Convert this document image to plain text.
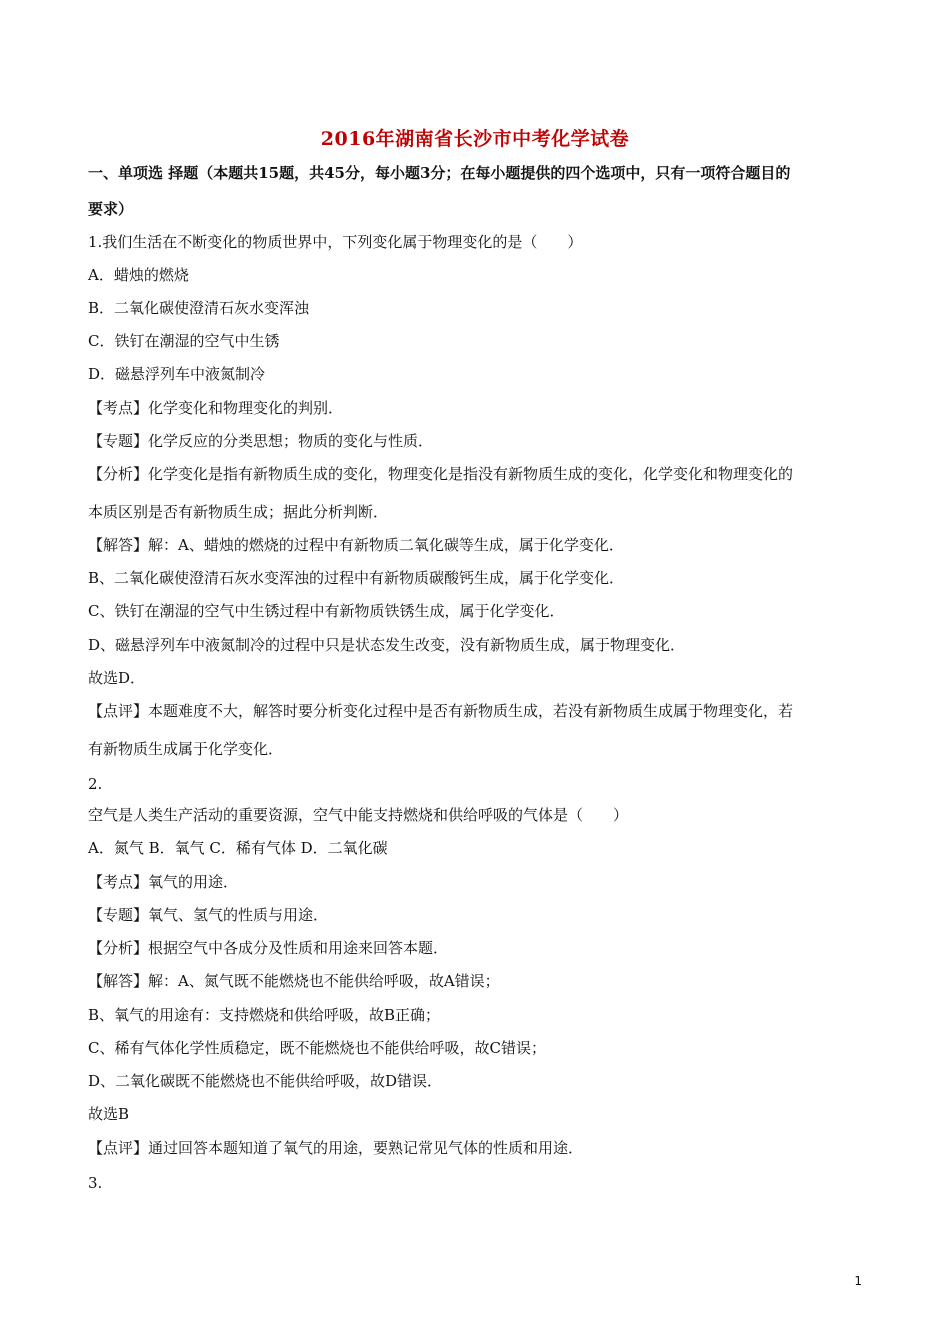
2016年湖南省长沙市中考化学试卷
一、单项选 择题（本题共15题，共45分，每小题3分；在每小题提供的四个选项中，只有一项符合题目的
要求）
1.我们生活在不断变化的物质世界中，下列变化属于物理变化的是（　　）
A．蜡烛的燃烧
B．二氧化碳使澄清石灰水变浑浊
C．铁钉在潮湿的空气中生锈
D．磁悬浮列车中液氮制冷
【考点】化学变化和物理变化的判别．
【专题】化学反应的分类思想；物质的变化与性质．
【分析】化学变化是指有新物质生成的变化，物理变化是指没有新物质生成的变化，化学变化和物理变化的
本质区别是否有新物质生成；据此分析判断．
【解答】解：A、蜡烛的燃烧的过程中有新物质二氧化碳等生成，属于化学变化．
B、二氧化碳使澄清石灰水变浑浊的过程中有新物质碳酸钙生成，属于化学变化．
C、铁钉在潮湿的空气中生锈过程中有新物质铁锈生成，属于化学变化．
D、磁悬浮列车中液氮制冷的过程中只是状态发生改变，没有新物质生成，属于物理变化．
故选D．
【点评】本题难度不大，解答时要分析变化过程中是否有新物质生成，若没有新物质生成属于物理变化，若
有新物质生成属于化学变化．
2.
空气是人类生产活动的重要资源，空气中能支持燃烧和供给呼吸的气体是（　　）
A．氮气 B．氧气 C．稀有气体 D．二氧化碳
【考点】氧气的用途．
【专题】氧气、氢气的性质与用途．
【分析】根据空气中各成分及性质和用途来回答本题．
【解答】解：A、氮气既不能燃烧也不能供给呼吸，故A错误；
B、氧气的用途有：支持燃烧和供给呼吸，故B正确；
C、稀有气体化学性质稳定，既不能燃烧也不能供给呼吸，故C错误；
D、二氧化碳既不能燃烧也不能供给呼吸，故D错误．
故选B
【点评】通过回答本题知道了氧气的用途，要熟记常见气体的性质和用途．
3.
1
